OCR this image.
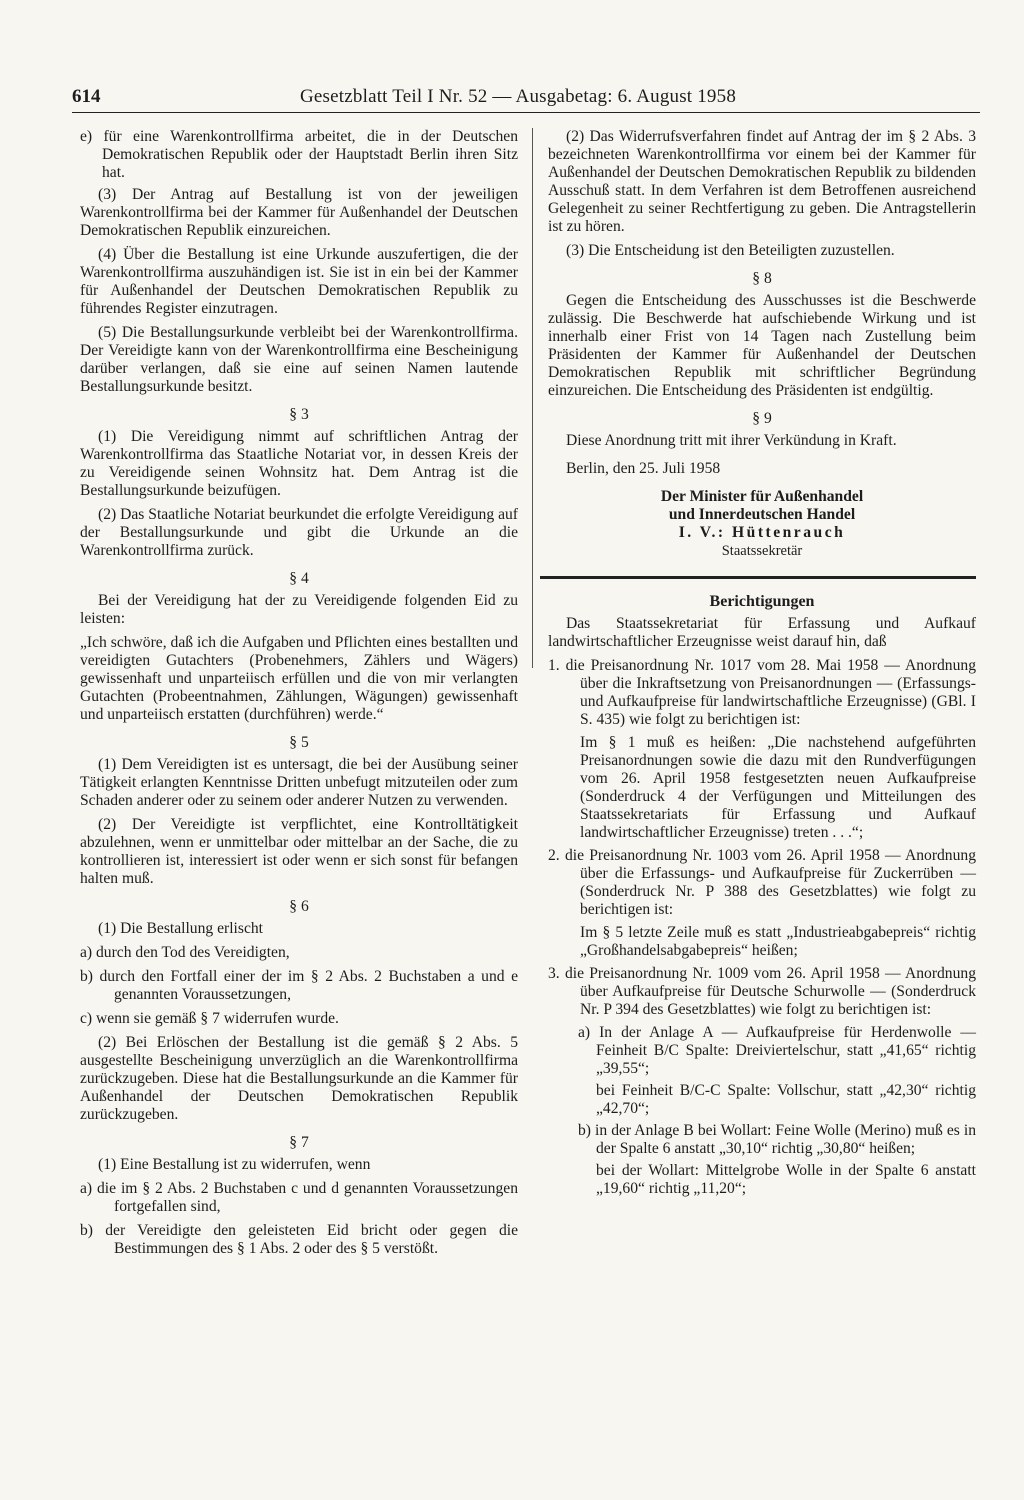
614	Gesetzblatt Teil I Nr. 52 — Ausgabetag: 6. August 1958

e) für eine Warenkontrollfirma arbeitet, die in der Deutschen Demokratischen Republik oder der Hauptstadt Berlin ihren Sitz hat.

(3) Der Antrag auf Bestallung ist von der jeweiligen Warenkontrollfirma bei der Kammer für Außenhandel der Deutschen Demokratischen Republik einzureichen.

(4) Über die Bestallung ist eine Urkunde auszufertigen, die der Warenkontrollfirma auszuhändigen ist. Sie ist in ein bei der Kammer für Außenhandel der Deutschen Demokratischen Republik zu führendes Register einzutragen.

(5) Die Bestallungsurkunde verbleibt bei der Warenkontrollfirma. Der Vereidigte kann von der Warenkontrollfirma eine Bescheinigung darüber verlangen, daß sie eine auf seinen Namen lautende Bestallungsurkunde besitzt.

§ 3

(1) Die Vereidigung nimmt auf schriftlichen Antrag der Warenkontrollfirma das Staatliche Notariat vor, in dessen Kreis der zu Vereidigende seinen Wohnsitz hat. Dem Antrag ist die Bestallungsurkunde beizufügen.

(2) Das Staatliche Notariat beurkundet die erfolgte Vereidigung auf der Bestallungsurkunde und gibt die Urkunde an die Warenkontrollfirma zurück.

§ 4

Bei der Vereidigung hat der zu Vereidigende folgenden Eid zu leisten:

„Ich schwöre, daß ich die Aufgaben und Pflichten eines bestallten und vereidigten Gutachters (Probenehmers, Zählers und Wägers) gewissenhaft und unparteiisch erfüllen und die von mir verlangten Gutachten (Probeentnahmen, Zählungen, Wägungen) gewissenhaft und unparteiisch erstatten (durchführen) werde.“

§ 5

(1) Dem Vereidigten ist es untersagt, die bei der Ausübung seiner Tätigkeit erlangten Kenntnisse Dritten unbefugt mitzuteilen oder zum Schaden anderer oder zu seinem oder anderer Nutzen zu verwenden.

(2) Der Vereidigte ist verpflichtet, eine Kontrolltätigkeit abzulehnen, wenn er unmittelbar oder mittelbar an der Sache, die zu kontrollieren ist, interessiert ist oder wenn er sich sonst für befangen halten muß.

§ 6

(1) Die Bestallung erlischt

a) durch den Tod des Vereidigten,

b) durch den Fortfall einer der im § 2 Abs. 2 Buchstaben a und e genannten Voraussetzungen,

c) wenn sie gemäß § 7 widerrufen wurde.

(2) Bei Erlöschen der Bestallung ist die gemäß § 2 Abs. 5 ausgestellte Bescheinigung unverzüglich an die Warenkontrollfirma zurückzugeben. Diese hat die Bestallungsurkunde an die Kammer für Außenhandel der Deutschen Demokratischen Republik zurückzugeben.

§ 7

(1) Eine Bestallung ist zu widerrufen, wenn

a) die im § 2 Abs. 2 Buchstaben c und d genannten Voraussetzungen fortgefallen sind,

b) der Vereidigte den geleisteten Eid bricht oder gegen die Bestimmungen des § 1 Abs. 2 oder des § 5 verstößt.

(2) Das Widerrufsverfahren findet auf Antrag der im § 2 Abs. 3 bezeichneten Warenkontrollfirma vor einem bei der Kammer für Außenhandel der Deutschen Demokratischen Republik zu bildenden Ausschuß statt. In dem Verfahren ist dem Betroffenen ausreichend Gelegenheit zu seiner Rechtfertigung zu geben. Die Antragstellerin ist zu hören.

(3) Die Entscheidung ist den Beteiligten zuzustellen.

§ 8

Gegen die Entscheidung des Ausschusses ist die Beschwerde zulässig. Die Beschwerde hat aufschiebende Wirkung und ist innerhalb einer Frist von 14 Tagen nach Zustellung beim Präsidenten der Kammer für Außenhandel der Deutschen Demokratischen Republik mit schriftlicher Begründung einzureichen. Die Entscheidung des Präsidenten ist endgültig.

§ 9

Diese Anordnung tritt mit ihrer Verkündung in Kraft.

Berlin, den 25. Juli 1958

Der Minister für Außenhandel

und Innerdeutschen Handel

I. V.: Hüttenrauch

Staatssekretär

Berichtigungen

Das Staatssekretariat für Erfassung und Aufkauf landwirtschaftlicher Erzeugnisse weist darauf hin, daß

1. die Preisanordnung Nr. 1017 vom 28. Mai 1958 — Anordnung über die Inkraftsetzung von Preisanordnungen — (Erfassungs- und Aufkaufpreise für landwirtschaftliche Erzeugnisse) (GBl. I S. 435) wie folgt zu berichtigen ist:

Im § 1 muß es heißen: „Die nachstehend aufgeführten Preisanordnungen sowie die dazu mit den Rundverfügungen vom 26. April 1958 festgesetzten neuen Aufkaufpreise (Sonderdruck 4 der Verfügungen und Mitteilungen des Staatssekretariats für Erfassung und Aufkauf landwirtschaftlicher Erzeugnisse) treten . . .“;

2. die Preisanordnung Nr. 1003 vom 26. April 1958 — Anordnung über die Erfassungs- und Aufkaufpreise für Zuckerrüben — (Sonderdruck Nr. P 388 des Gesetzblattes) wie folgt zu berichtigen ist:

Im § 5 letzte Zeile muß es statt „Industrieabgabepreis“ richtig „Großhandelsabgabepreis“ heißen;

3. die Preisanordnung Nr. 1009 vom 26. April 1958 — Anordnung über Aufkaufpreise für Deutsche Schurwolle — (Sonderdruck Nr. P 394 des Gesetzblattes) wie folgt zu berichtigen ist:

a) In der Anlage A — Aufkaufpreise für Herdenwolle — Feinheit B/C Spalte: Dreiviertelschur, statt „41,65“ richtig „39,55“;

bei Feinheit B/C-C Spalte: Vollschur, statt „42,30“ richtig „42,70“;

b) in der Anlage B bei Wollart: Feine Wolle (Merino) muß es in der Spalte 6 anstatt „30,10“ richtig „30,80“ heißen;

bei der Wollart: Mittelgrobe Wolle in der Spalte 6 anstatt „19,60“ richtig „11,20“;
